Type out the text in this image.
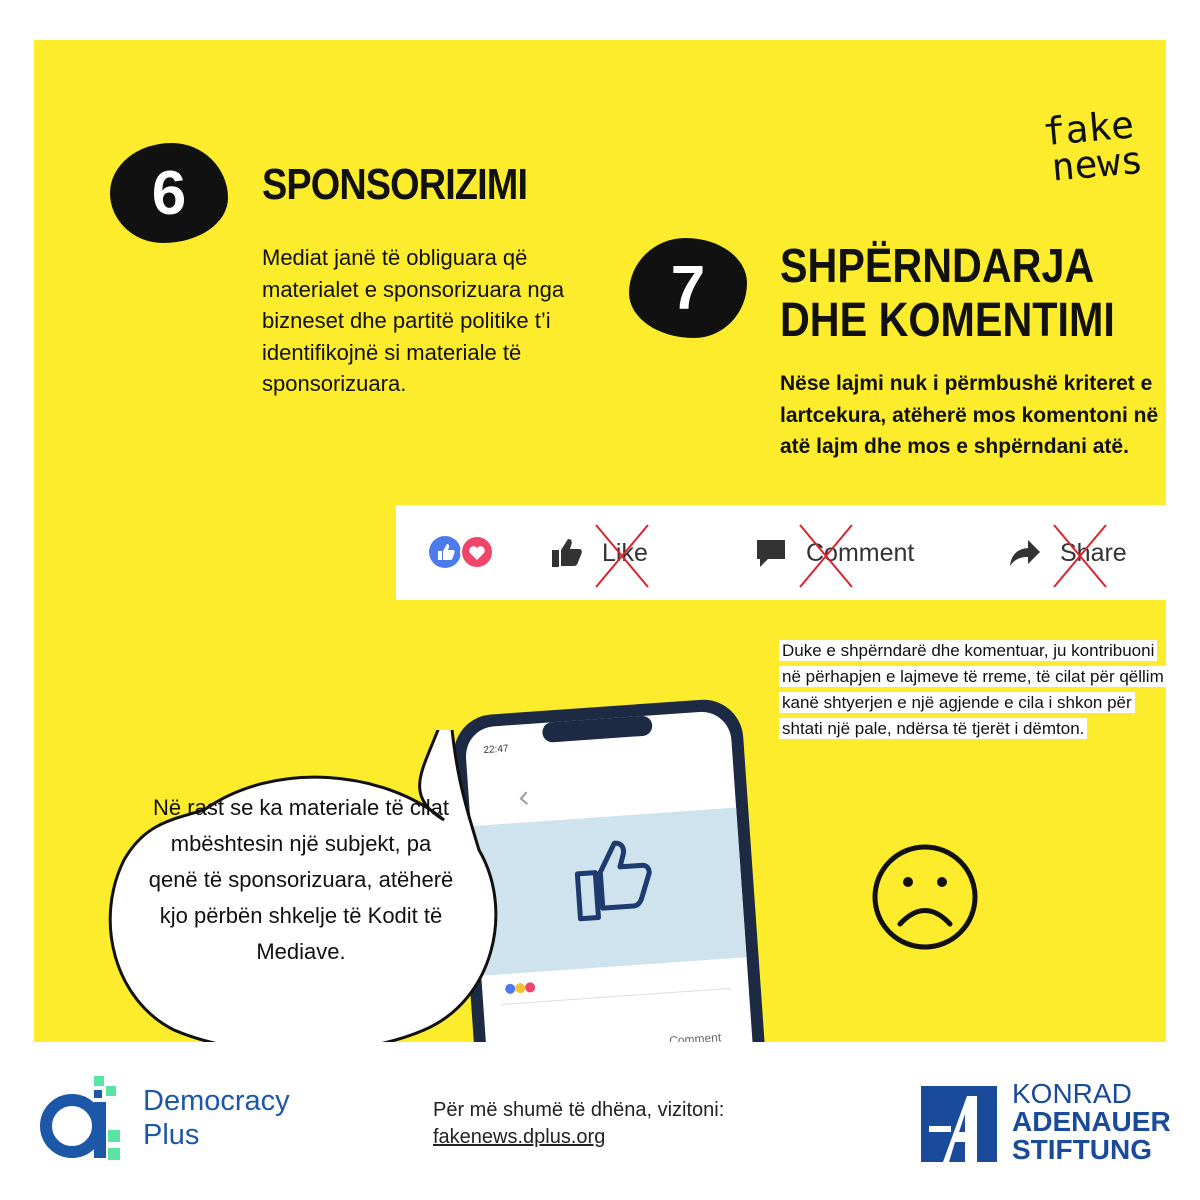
fake
news
6	SPONSORIZIMI
Mediat janë të obliguara që materialet e sponsorizuara nga bizneset dhe partitë politike t’i identifikojnë si materiale të sponsorizuara.
7	SHPËRNDARJA DHE KOMENTIMI
Nëse lajmi nuk i përmbushë kriteret e lartcekura, atëherë mos komentoni në atë lajm dhe mos e shpërndani atë.
Like	Comment	Share
Duke e shpërndarë dhe komentuar, ju kontribuoni në përhapjen e lajmeve të rreme, të cilat për qëllim kanë shtyerjen e një agjende e cila i shkon për shtati një pale, ndërsa të tjerët i dëmton.
22:47
Like	Comment
Në rast se ka materiale të cilat mbështesin një subjekt, pa qenë të sponsorizuara, atëherë kjo përbën shkelje të Kodit të Mediave.
Democracy
Plus
Për më shumë të dhëna, vizitoni:
fakenews.dplus.org
KONRAD
ADENAUER
STIFTUNG
